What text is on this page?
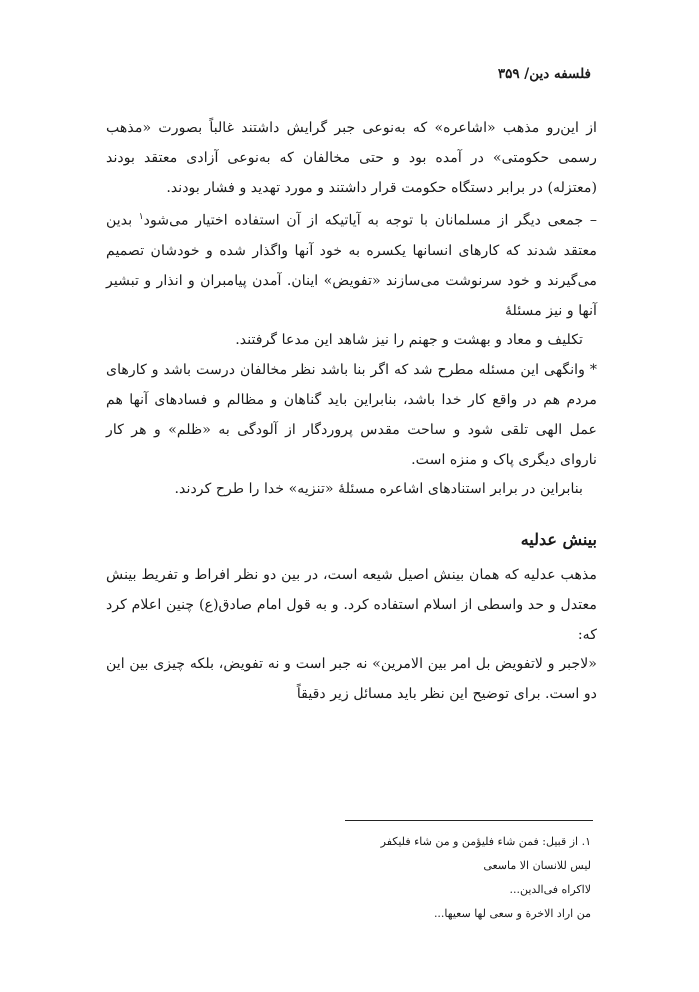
فلسفه دین/ ۳۵۹

از این‌رو مذهب «اشاعره» که به‌نوعی جبر گرایش داشتند غالباً بصورت «مذهب رسمی حکومتی» در آمده بود و حتی مخالفان که به‌نوعی آزادی معتقد بودند (معتزله) در برابر دستگاه حکومت قرار داشتند و مورد تهدید و فشار بودند.

– جمعی دیگر از مسلمانان با توجه به آیاتیکه از آن استفاده اختیار می‌شود$^۱$ بدین معتقد شدند که کارهای انسانها یکسره به خود آنها واگذار شده و خودشان تصمیم می‌گیرند و خود سرنوشت می‌سازند «تفویض» اینان. آمدن پیامبران و انذار و تبشیر آنها و نیز مسئلهٔ

تکلیف و معاد و بهشت و جهنم را نیز شاهد این مدعا گرفتند.

* وانگهی این مسئله مطرح شد که اگر بنا باشد نظر مخالفان درست باشد و کارهای مردم هم در واقع کار خدا باشد، بنابراین باید گناهان و مظالم و فسادهای آنها هم عمل الهی تلقی شود و ساحت مقدس پروردگار از آلودگی به «ظلم» و هر کار ناروای دیگری پاک و منزه است.

بنابراین در برابر استنادهای اشاعره مسئلهٔ «تنزیه» خدا را طرح کردند.

بینش عدلیه

مذهب عدلیه که همان بینش اصیل شیعه است، در بین دو نظر افراط و تفریط بینش معتدل و حد واسطی از اسلام استفاده کرد. و به قول امام صادق(ع) چنین اعلام کرد که:

«لاجبر و لاتفویض بل امر بین الامرین» نه جبر است و نه تفویض، بلکه چیزی بین این دو است. برای توضیح این نظر باید مسائل زیر دقیقاً

۱. از قبیل: فمن شاء فلیؤمن و من شاء فلیکفر
لیس للانسان الا ماسعی
لااکراه فی‌الدین...
من اراد الاخرة و سعی لها سعیها...
